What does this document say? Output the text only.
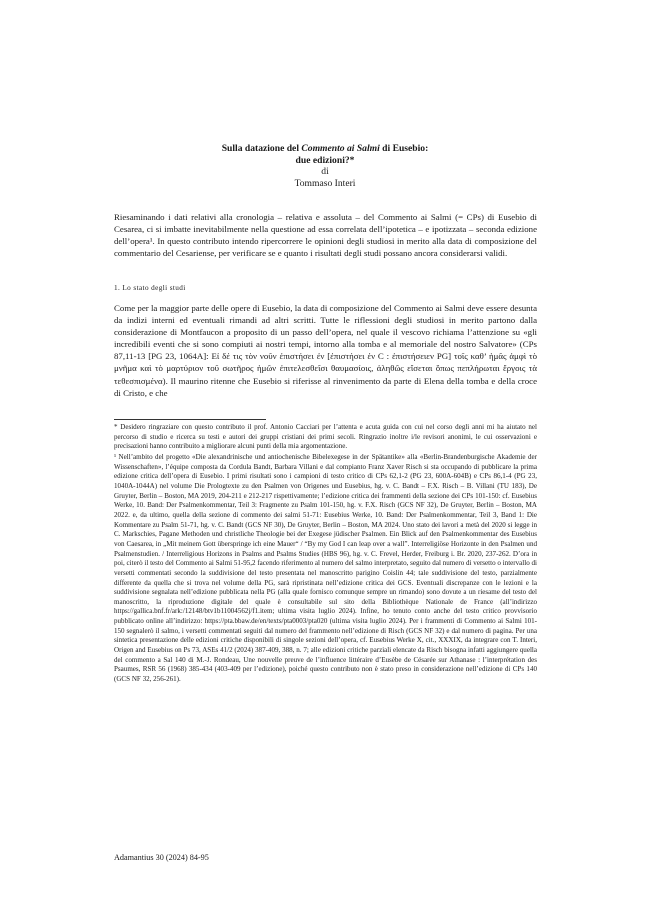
Sulla datazione del Commento ai Salmi di Eusebio:
due edizioni?*
di
Tommaso Interi

Riesaminando i dati relativi alla cronologia – relativa e assoluta – del Commento ai Salmi (= CPs) di Eusebio di Cesarea, ci si imbatte inevitabilmente nella questione ad essa correlata dell’ipotetica – e ipotizzata – seconda edizione dell’opera¹. In questo contributo intendo ripercorrere le opinioni degli studiosi in merito alla data di composizione del commentario del Cesariense, per verificare se e quanto i risultati degli studi possano ancora considerarsi validi.

1. Lo stato degli studi

Come per la maggior parte delle opere di Eusebio, la data di composizione del Commento ai Salmi deve essere desunta da indizi interni ed eventuali rimandi ad altri scritti. Tutte le riflessioni degli studiosi in merito partono dalla considerazione di Montfaucon a proposito di un passo dell’opera, nel quale il vescovo richiama l’attenzione su «gli incredibili eventi che si sono compiuti ai nostri tempi, intorno alla tomba e al memoriale del nostro Salvatore» (CPs 87,11-13 [PG 23, 1064A]: Εἰ δέ τις τὸν νοῦν ἐπιστήσει ἐν [ἐπιστήσει ἐν C : ἐπιστήσειεν PG] τοῖς καθ’ ἡμᾶς ἀμφὶ τὸ μνῆμα καὶ τὸ μαρτύριον τοῦ σωτῆρος ἡμῶν ἐπιτελεσθεῖσι θαυμασίοις, ἀληθῶς εἴσεται ὅπως πεπλήρωται ἔργοις τὰ τεθεσπισμένα). Il maurino ritenne che Eusebio si riferisse al rinvenimento da parte di Elena della tomba e della croce di Cristo, e che

* Desidero ringraziare con questo contributo il prof. Antonio Cacciari per l’attenta e acuta guida con cui nel corso degli anni mi ha aiutato nel percorso di studio e ricerca su testi e autori dei gruppi cristiani dei primi secoli. Ringrazio inoltre i/le revisori anonimi, le cui osservazioni e precisazioni hanno contribuito a migliorare alcuni punti della mia argomentazione.

¹ Nell’ambito del progetto «Die alexandrinische und antiochenische Bibelexegese in der Spätantike» alla «Berlin-Brandenburgische Akademie der Wissenschaften», l’équipe composta da Cordula Bandt, Barbara Villani e dal compianto Franz Xaver Risch si sta occupando di pubblicare la prima edizione critica dell’opera di Eusebio. I primi risultati sono i campioni di testo critico di CPs 62,1-2 (PG 23, 600A-604B) e CPs 86,1-4 (PG 23, 1040A-1044A) nel volume Die Prologtexte zu den Psalmen von Origenes und Eusebius, hg. v. C. Bandt – F.X. Risch – B. Villani (TU 183), De Gruyter, Berlin – Boston, MA 2019, 204-211 e 212-217 rispettivamente; l’edizione critica dei frammenti della sezione dei CPs 101-150: cf. Eusebius Werke, 10. Band: Der Psalmenkommentar, Teil 3: Fragmente zu Psalm 101-150, hg. v. F.X. Risch (GCS NF 32), De Gruyter, Berlin – Boston, MA 2022. e, da ultimo, quella della sezione di commento dei salmi 51-71: Eusebius Werke, 10. Band: Der Psalmenkommentar, Teil 3, Band 1: Die Kommentare zu Psalm 51-71, hg. v. C. Bandt (GCS NF 30), De Gruyter, Berlin – Boston, MA 2024. Uno stato dei lavori a metà del 2020 si legge in C. Markschies, Pagane Methoden und christliche Theologie bei der Exegese jüdischer Psalmen. Ein Blick auf den Psalmenkommentar des Eusebius von Caesarea, in „Mit meinem Gott überspringe ich eine Mauer“ / “By my God I can leap over a wall”. Interreligiöse Horizonte in den Psalmen und Psalmenstudien. / Interreligious Horizons in Psalms and Psalms Studies (HBS 96), hg. v. C. Frevel, Herder, Freiburg i. Br. 2020, 237-262. D’ora in poi, citerò il testo del Commento ai Salmi 51-95,2 facendo riferimento al numero del salmo interpretato, seguito dal numero di versetto o intervallo di versetti commentati secondo la suddivisione del testo presentata nel manoscritto parigino Coislin 44; tale suddivisione del testo, parzialmente differente da quella che si trova nel volume della PG, sarà ripristinata nell’edizione critica dei GCS. Eventuali discrepanze con le lezioni e la suddivisione segnalata nell’edizione pubblicata nella PG (alla quale fornisco comunque sempre un rimando) sono dovute a un riesame del testo del manoscritto, la riproduzione digitale del quale è consultabile sul sito della Bibliothèque Nationale de France (all’indirizzo https://gallica.bnf.fr/ark:/12148/btv1b11004562j/f1.item; ultima visita luglio 2024). Infine, ho tenuto conto anche del testo critico provvisorio pubblicato online all’indirizzo: https://pta.bbaw.de/en/texts/pta0003/pta020 (ultima visita luglio 2024). Per i frammenti di Commento ai Salmi 101-150 segnalerò il salmo, i versetti commentati seguiti dal numero del frammento nell’edizione di Risch (GCS NF 32) e dal numero di pagina. Per una sintetica presentazione delle edizioni critiche disponibili di singole sezioni dell’opera, cf. Eusebius Werke X, cit., XXXIX, da integrare con T. Interi, Origen and Eusebius on Ps 73, ASEs 41/2 (2024) 387-409, 388, n. 7; alle edizioni critiche parziali elencate da Risch bisogna infatti aggiungere quella del commento a Sal 140 di M.-J. Rondeau, Une nouvelle preuve de l’influence littéraire d’Eusèbe de Césarée sur Athanase : l’interprétation des Psaumes, RSR 56 (1968) 385-434 (403-409 per l’edizione), poiché questo contributo non è stato preso in considerazione nell’edizione di CPs 140 (GCS NF 32, 256-261).

Adamantius 30 (2024) 84-95
